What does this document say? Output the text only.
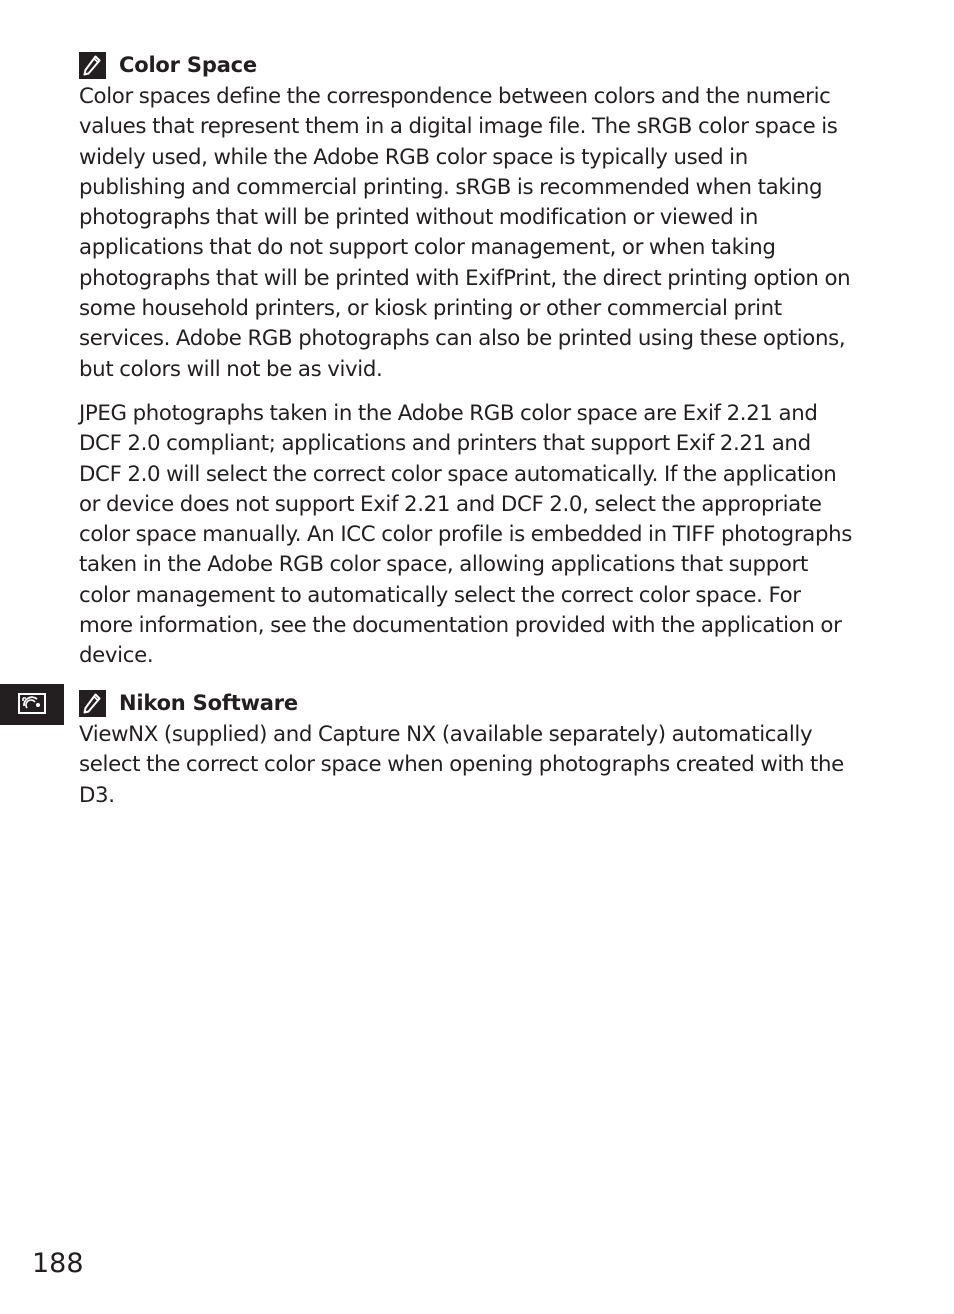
Color Space

Color spaces define the correspondence between colors and the numeric values that represent them in a digital image file. The sRGB color space is widely used, while the Adobe RGB color space is typically used in publishing and commercial printing. sRGB is recommended when taking photographs that will be printed without modification or viewed in applications that do not support color management, or when taking photographs that will be printed with ExifPrint, the direct printing option on some household printers, or kiosk printing or other commercial print services. Adobe RGB photographs can also be printed using these options, but colors will not be as vivid.

JPEG photographs taken in the Adobe RGB color space are Exif 2.21 and DCF 2.0 compliant; applications and printers that support Exif 2.21 and DCF 2.0 will select the correct color space automatically. If the application or device does not support Exif 2.21 and DCF 2.0, select the appropriate color space manually. An ICC color profile is embedded in TIFF photographs taken in the Adobe RGB color space, allowing applications that support color management to automatically select the correct color space. For more information, see the documentation provided with the application or device.

Nikon Software

ViewNX (supplied) and Capture NX (available separately) automatically select the correct color space when opening photographs created with the D3.

188
